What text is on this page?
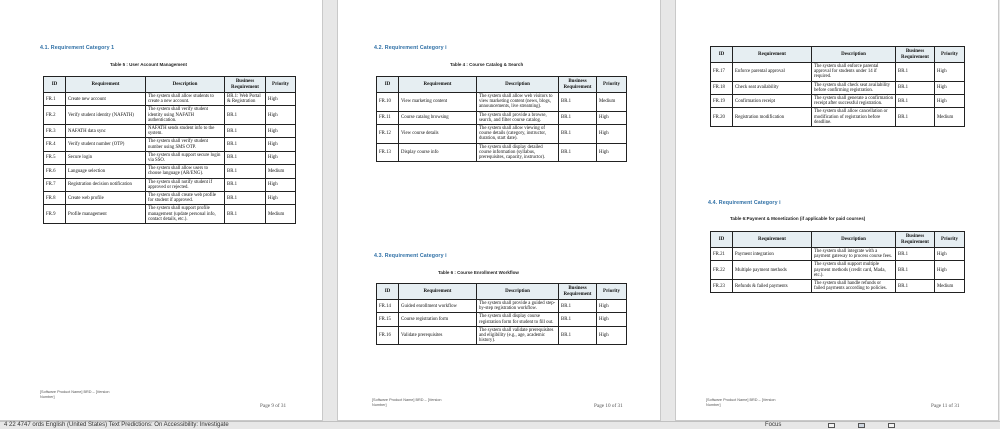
4.1. Requirement Category 1
Table 5 : User Account Management
ID	Requirement	Description	Business Requirement	Priority
FR.1	Create new account	The system shall allow students to create a new account.	BR.1: Web Portal & Registration	High
FR.2	Verify student identity (NAFATH)	The system shall verify student identity using NAFATH authentication.	BR.1	High
FR.3	NAFATH data sync	NAFATH sends student info to the system.	BR.1	High
FR.4	Verify student number (OTP)	The system shall verify student number using SMS OTP.	BR.1	High
FR.5	Secure login	The system shall support secure login via SSO.	BR.1	High
FR.6	Language selection	The system shall allow users to choose language (AR/ENG).	BR.1	Medium
FR.7	Registration decision notification	The system shall notify student if approved or rejected.	BR.1	High
FR.8	Create web profile	The system shall create web profile for student if approved.	BR.1	High
FR.9	Profile management	The system shall support profile management (update personal info, contact details, etc.).	BR.1	Medium
[Software Product Name] BRD – [Version
Number]
Page 9 of 31
4.2. Requirement Category i
Table 4 : Course Catalog & Search
ID	Requirement	Description	Business Requirement	Priority
FR.10	View marketing content	The system shall allow web visitors to view marketing content (news, blogs, announcements, live streaming).	BR.1	Medium
FR.11	Course catalog browsing	The system shall provide a browse, search, and filter course catalog.	BR.1	High
FR.12	View course details	The system shall allow viewing of course details (category, instructor, duration, start date).	BR.1	High
FR.13	Display course info	The system shall display detailed course information (syllabus, prerequisites, capacity, instructor).	BR.1	High
4.3. Requirement Category i
Table 6 : Course Enrollment Workflow
ID	Requirement	Description	Business Requirement	Priority
FR.14	Guided enrollment workflow	The system shall provide a guided step-by-step registration workflow.	BR.1	High
FR.15	Course registration form	The system shall display course registration form for student to fill out.	BR.1	High
FR.16	Validate prerequisites	The system shall validate prerequisites and eligibility (e.g., age, academic history).	BR.1	High
[Software Product Name] BRD – [Version
Number]	Page 10 of 31
ID	Requirement	Description	Business Requirement	Priority
FR.17	Enforce parental approval	The system shall enforce parental approval for students under 14 if required.	BR.1	High
FR.18	Check seat availability	The system shall check seat availability before confirming registration.	BR.1	High
FR.19	Confirmation receipt	The system shall generate a confirmation receipt after successful registration.	BR.1	High
FR.20	Registration modification	The system shall allow cancellation or modification of registration before deadline.	BR.1	Medium
4.4. Requirement Category i
Table 6:Payment & Monetization (if applicable for paid courses)
ID	Requirement	Description	Business Requirement	Priority
FR.21	Payment integration	The system shall integrate with a payment gateway to process course fees.	BR.1	High
FR.22	Multiple payment methods	The system shall support multiple payment methods (credit card, Mada, etc.).	BR.1	High
FR.23	Refunds & failed payments	The system shall handle refunds or failed payments according to policies.	BR.1	Medium
[Software Product Name] BRD – [Version
Number]	Page 11 of 31
4 22 4747 ords English (United States) Text Predictions: On Accessibility: Investigate	Focus
